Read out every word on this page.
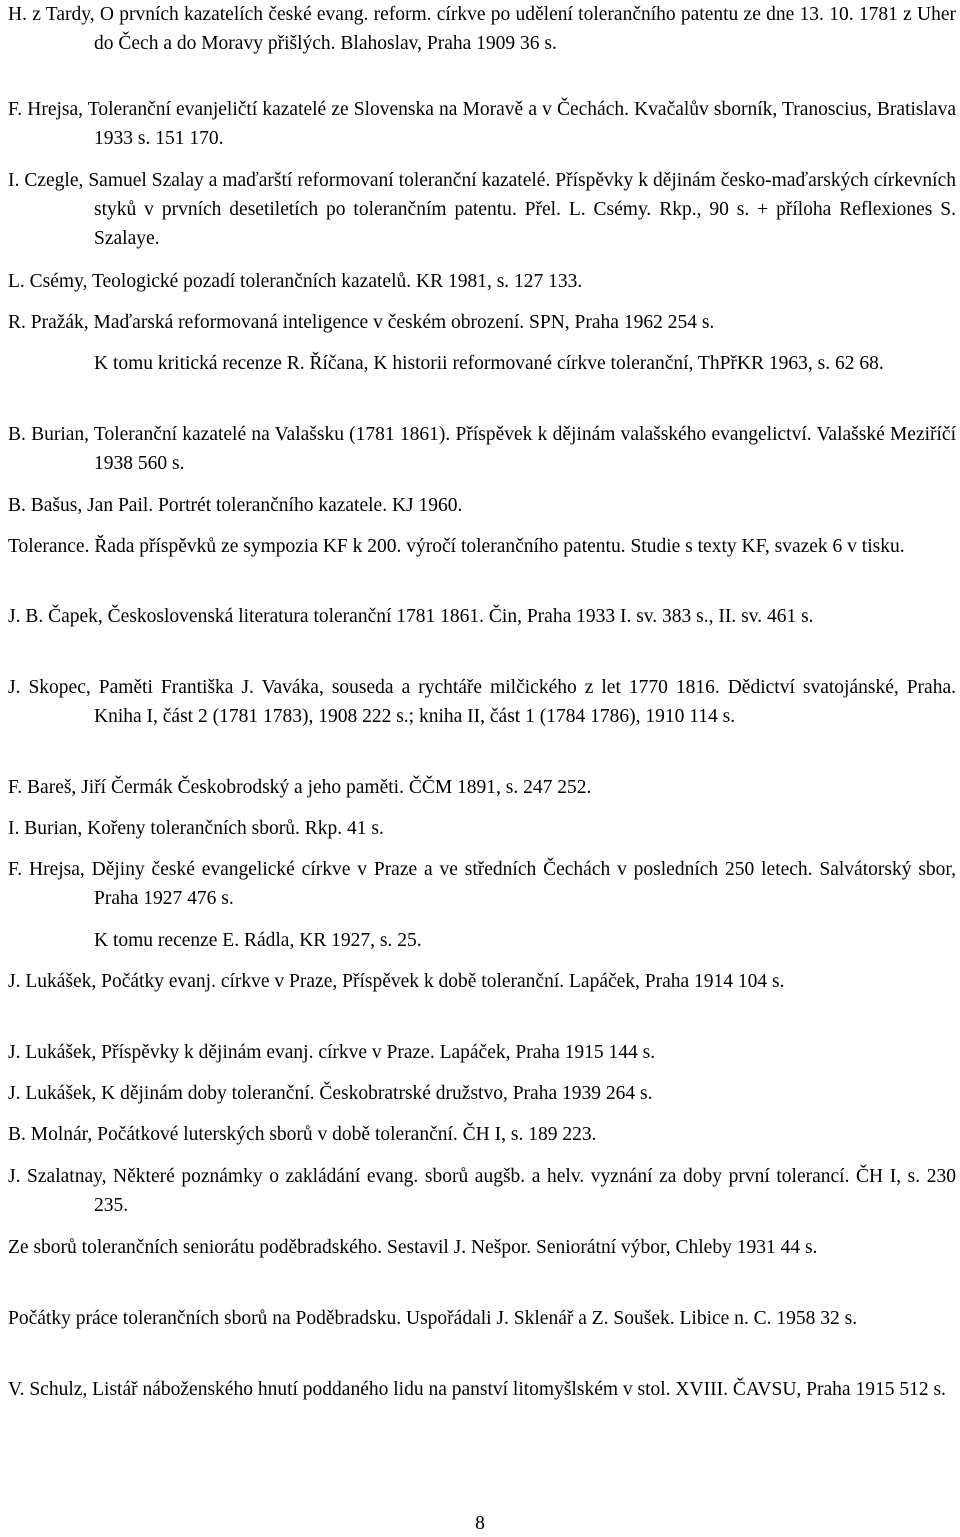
H. z Tardy, O prvních kazatelích české evang. reform. církve po udělení tolerančního patentu ze dne 13. 10. 1781 z Uher do Čech a do Moravy přišlých. Blahoslav, Praha 1909 36 s.
F. Hrejsa, Toleranční evanjeličtí kazatelé ze Slovenska na Moravě a v Čechách. Kvačalův sborník, Tranoscius, Bratislava 1933 s. 151 170.
I. Czegle, Samuel Szalay a maďarští reformovaní toleranční kazatelé. Příspěvky k dějinám česko-maďarských církevních styků v prvních desetiletích po tolerančním patentu. Přel. L. Csémy. Rkp., 90 s. + příloha Reflexiones S. Szalaye.
L. Csémy, Teologické pozadí tolerančních kazatelů. KR 1981, s. 127 133.
R. Pražák, Maďarská reformovaná inteligence v českém obrození. SPN, Praha 1962 254 s.
K tomu kritická recenze R. Říčana, K historii reformované církve toleranční, ThPřKR 1963, s. 62 68.
B. Burian, Toleranční kazatelé na Valašsku (1781 1861). Příspěvek k dějinám valašského evangelictví. Valašské Meziříčí 1938 560 s.
B. Bašus, Jan Pail. Portrét tolerančního kazatele. KJ 1960.
Tolerance. Řada příspěvků ze sympozia KF k 200. výročí tolerančního patentu. Studie s texty KF, svazek 6 v tisku.
J. B. Čapek, Československá literatura toleranční 1781 1861. Čin, Praha 1933 I. sv. 383 s., II. sv. 461 s.
J. Skopec, Paměti Františka J. Vaváka, souseda a rychtáře milčického z let 1770 1816. Dědictví svatojánské, Praha. Kniha I, část 2 (1781 1783), 1908 222 s.; kniha II, část 1 (1784 1786), 1910 114 s.
F. Bareš, Jiří Čermák Českobrodský a jeho paměti. ČČM 1891, s. 247 252.
I. Burian, Kořeny tolerančních sborů. Rkp. 41 s.
F. Hrejsa, Dějiny české evangelické církve v Praze a ve středních Čechách v posledních 250 letech. Salvátorský sbor, Praha 1927 476 s.
K tomu recenze E. Rádla, KR 1927, s. 25.
J. Lukášek, Počátky evanj. církve v Praze, Příspěvek k době toleranční. Lapáček, Praha 1914 104 s.
J. Lukášek, Příspěvky k dějinám evanj. církve v Praze. Lapáček, Praha 1915 144 s.
J. Lukášek, K dějinám doby toleranční. Českobratrské družstvo, Praha 1939 264 s.
B. Molnár, Počátkové luterských sborů v době toleranční. ČH I, s. 189 223.
J. Szalatnay, Některé poznámky o zakládání evang. sborů augšb. a helv. vyznání za doby první tolerancí. ČH I, s. 230 235.
Ze sborů tolerančních seniorátu poděbradského. Sestavil J. Nešpor. Seniorátní výbor, Chleby 1931 44 s.
Počátky práce tolerančních sborů na Poděbradsku. Uspořádali J. Sklenář a Z. Soušek. Libice n. C. 1958 32 s.
V. Schulz, Listář náboženského hnutí poddaného lidu na panství litomyšlském v stol. XVIII. ČAVSU, Praha 1915 512 s.
8
